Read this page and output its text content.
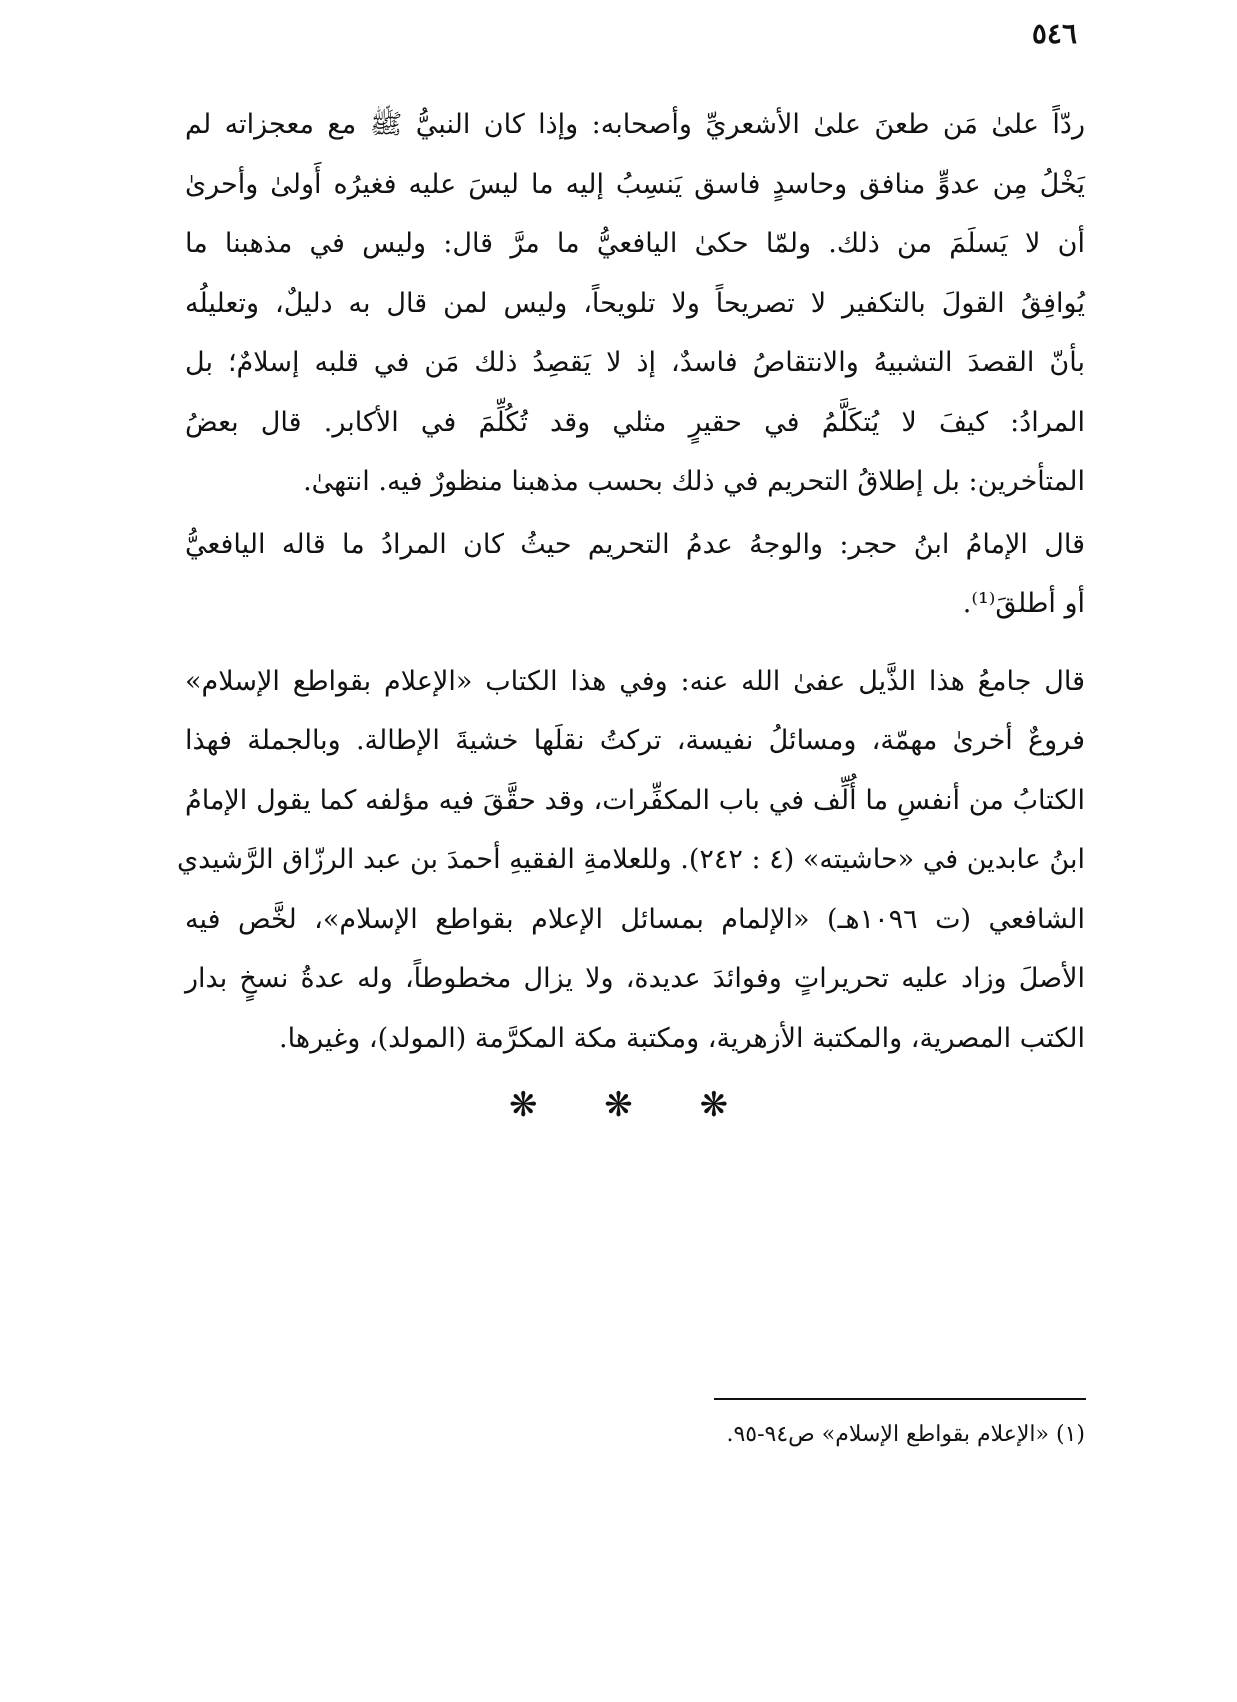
٥٤٦

ردّاً علىٰ مَن طعنَ علىٰ الأشعريِّ وأصحابه: وإذا كان النبيُّ ﷺ مع معجزاته لم
يَخْلُ مِن عدوٍّ منافق وحاسدٍ فاسق يَنسِبُ إليه ما ليسَ عليه فغيرُه أَولىٰ وأحرىٰ
أن لا يَسلَمَ من ذلك. ولمّا حكىٰ اليافعيُّ ما مرَّ قال: وليس في مذهبنا ما
يُوافِقُ القولَ بالتكفير لا تصريحاً ولا تلويحاً، وليس لمن قال به دليلٌ، وتعليلُه
بأنّ القصدَ التشبيهُ والانتقاصُ فاسدٌ، إذ لا يَقصِدُ ذلك مَن في قلبه إسلامٌ؛ بل
المرادُ: كيفَ لا يُتكَلَّمُ في حقيرٍ مثلي وقد تُكُلِّمَ في الأكابر. قال بعضُ
المتأخرين: بل إطلاقُ التحريم في ذلك بحسب مذهبنا منظورٌ فيه. انتهىٰ.

قال الإمامُ ابنُ حجر: والوجهُ عدمُ التحريم حيثُ كان المرادُ ما قاله اليافعيُّ
أو أطلقَ⁽¹⁾.

قال جامعُ هذا الذَّيل عفىٰ الله عنه: وفي هذا الكتاب «الإعلام بقواطع الإسلام»
فروعٌ أخرىٰ مهمّة، ومسائلُ نفيسة، تركتُ نقلَها خشيةَ الإطالة. وبالجملة فهذا
الكتابُ من أنفسِ ما أُلِّف في باب المكفِّرات، وقد حقَّقَ فيه مؤلفه كما يقول الإمامُ
ابنُ عابدين في «حاشيته» (٤ : ٢٤٢). وللعلامةِ الفقيهِ أحمدَ بن عبد الرزّاق الرَّشيدي
الشافعي (ت ١٠٩٦هـ) «الإلمام بمسائل الإعلام بقواطع الإسلام»، لخَّص فيه
الأصلَ وزاد عليه تحريراتٍ وفوائدَ عديدة، ولا يزال مخطوطاً، وله عدةُ نسخٍ بدار
الكتب المصرية، والمكتبة الأزهرية، ومكتبة مكة المكرَّمة (المولد)، وغيرها.

❋ ❋ ❋
(١) «الإعلام بقواطع الإسلام» ص٩٤-٩٥.
